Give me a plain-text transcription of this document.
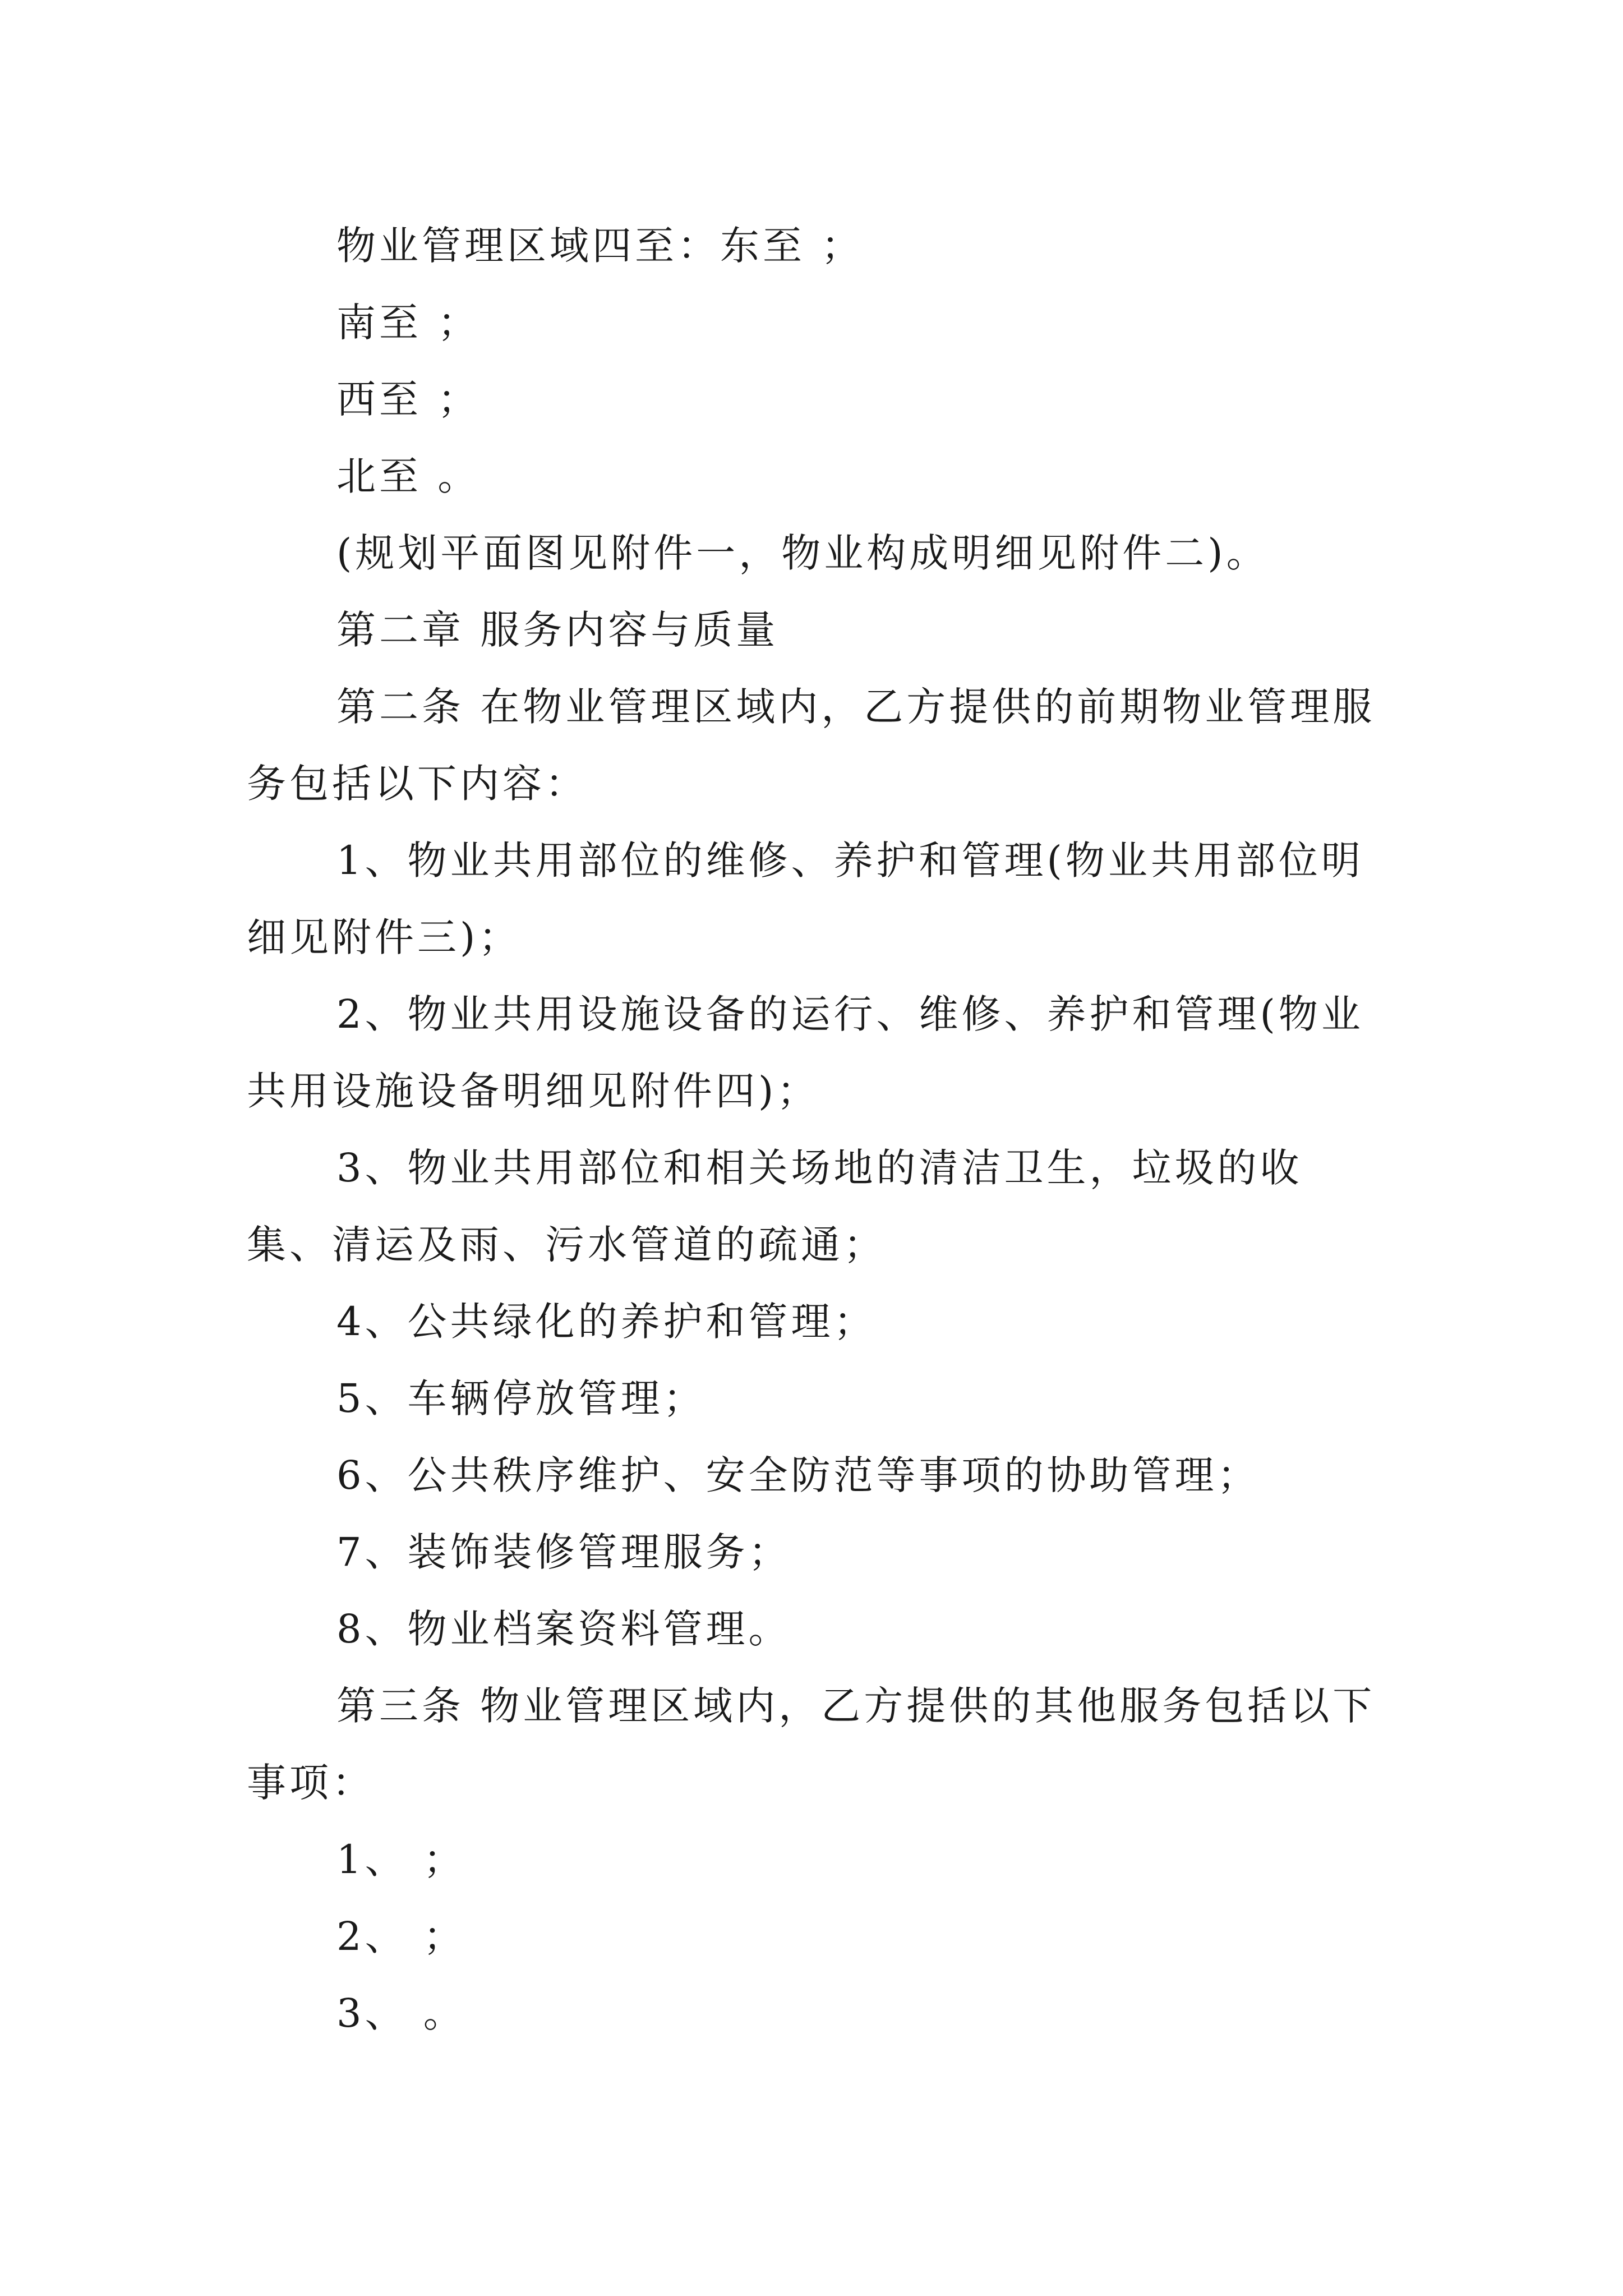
物业管理区域四至：东至 ；

南至 ；

西至 ；

北至 。

(规划平面图见附件一，物业构成明细见附件二)。

第二章 服务内容与质量

第二条 在物业管理区域内，乙方提供的前期物业管理服务包括以下内容：

1、物业共用部位的维修、养护和管理(物业共用部位明细见附件三)；

2、物业共用设施设备的运行、维修、养护和管理(物业共用设施设备明细见附件四)；

3、物业共用部位和相关场地的清洁卫生，垃圾的收集、清运及雨、污水管道的疏通；

4、公共绿化的养护和管理；

5、车辆停放管理；

6、公共秩序维护、安全防范等事项的协助管理；

7、装饰装修管理服务；

8、物业档案资料管理。

第三条 物业管理区域内，乙方提供的其他服务包括以下事项：

1、 ；

2、 ；

3、 。
